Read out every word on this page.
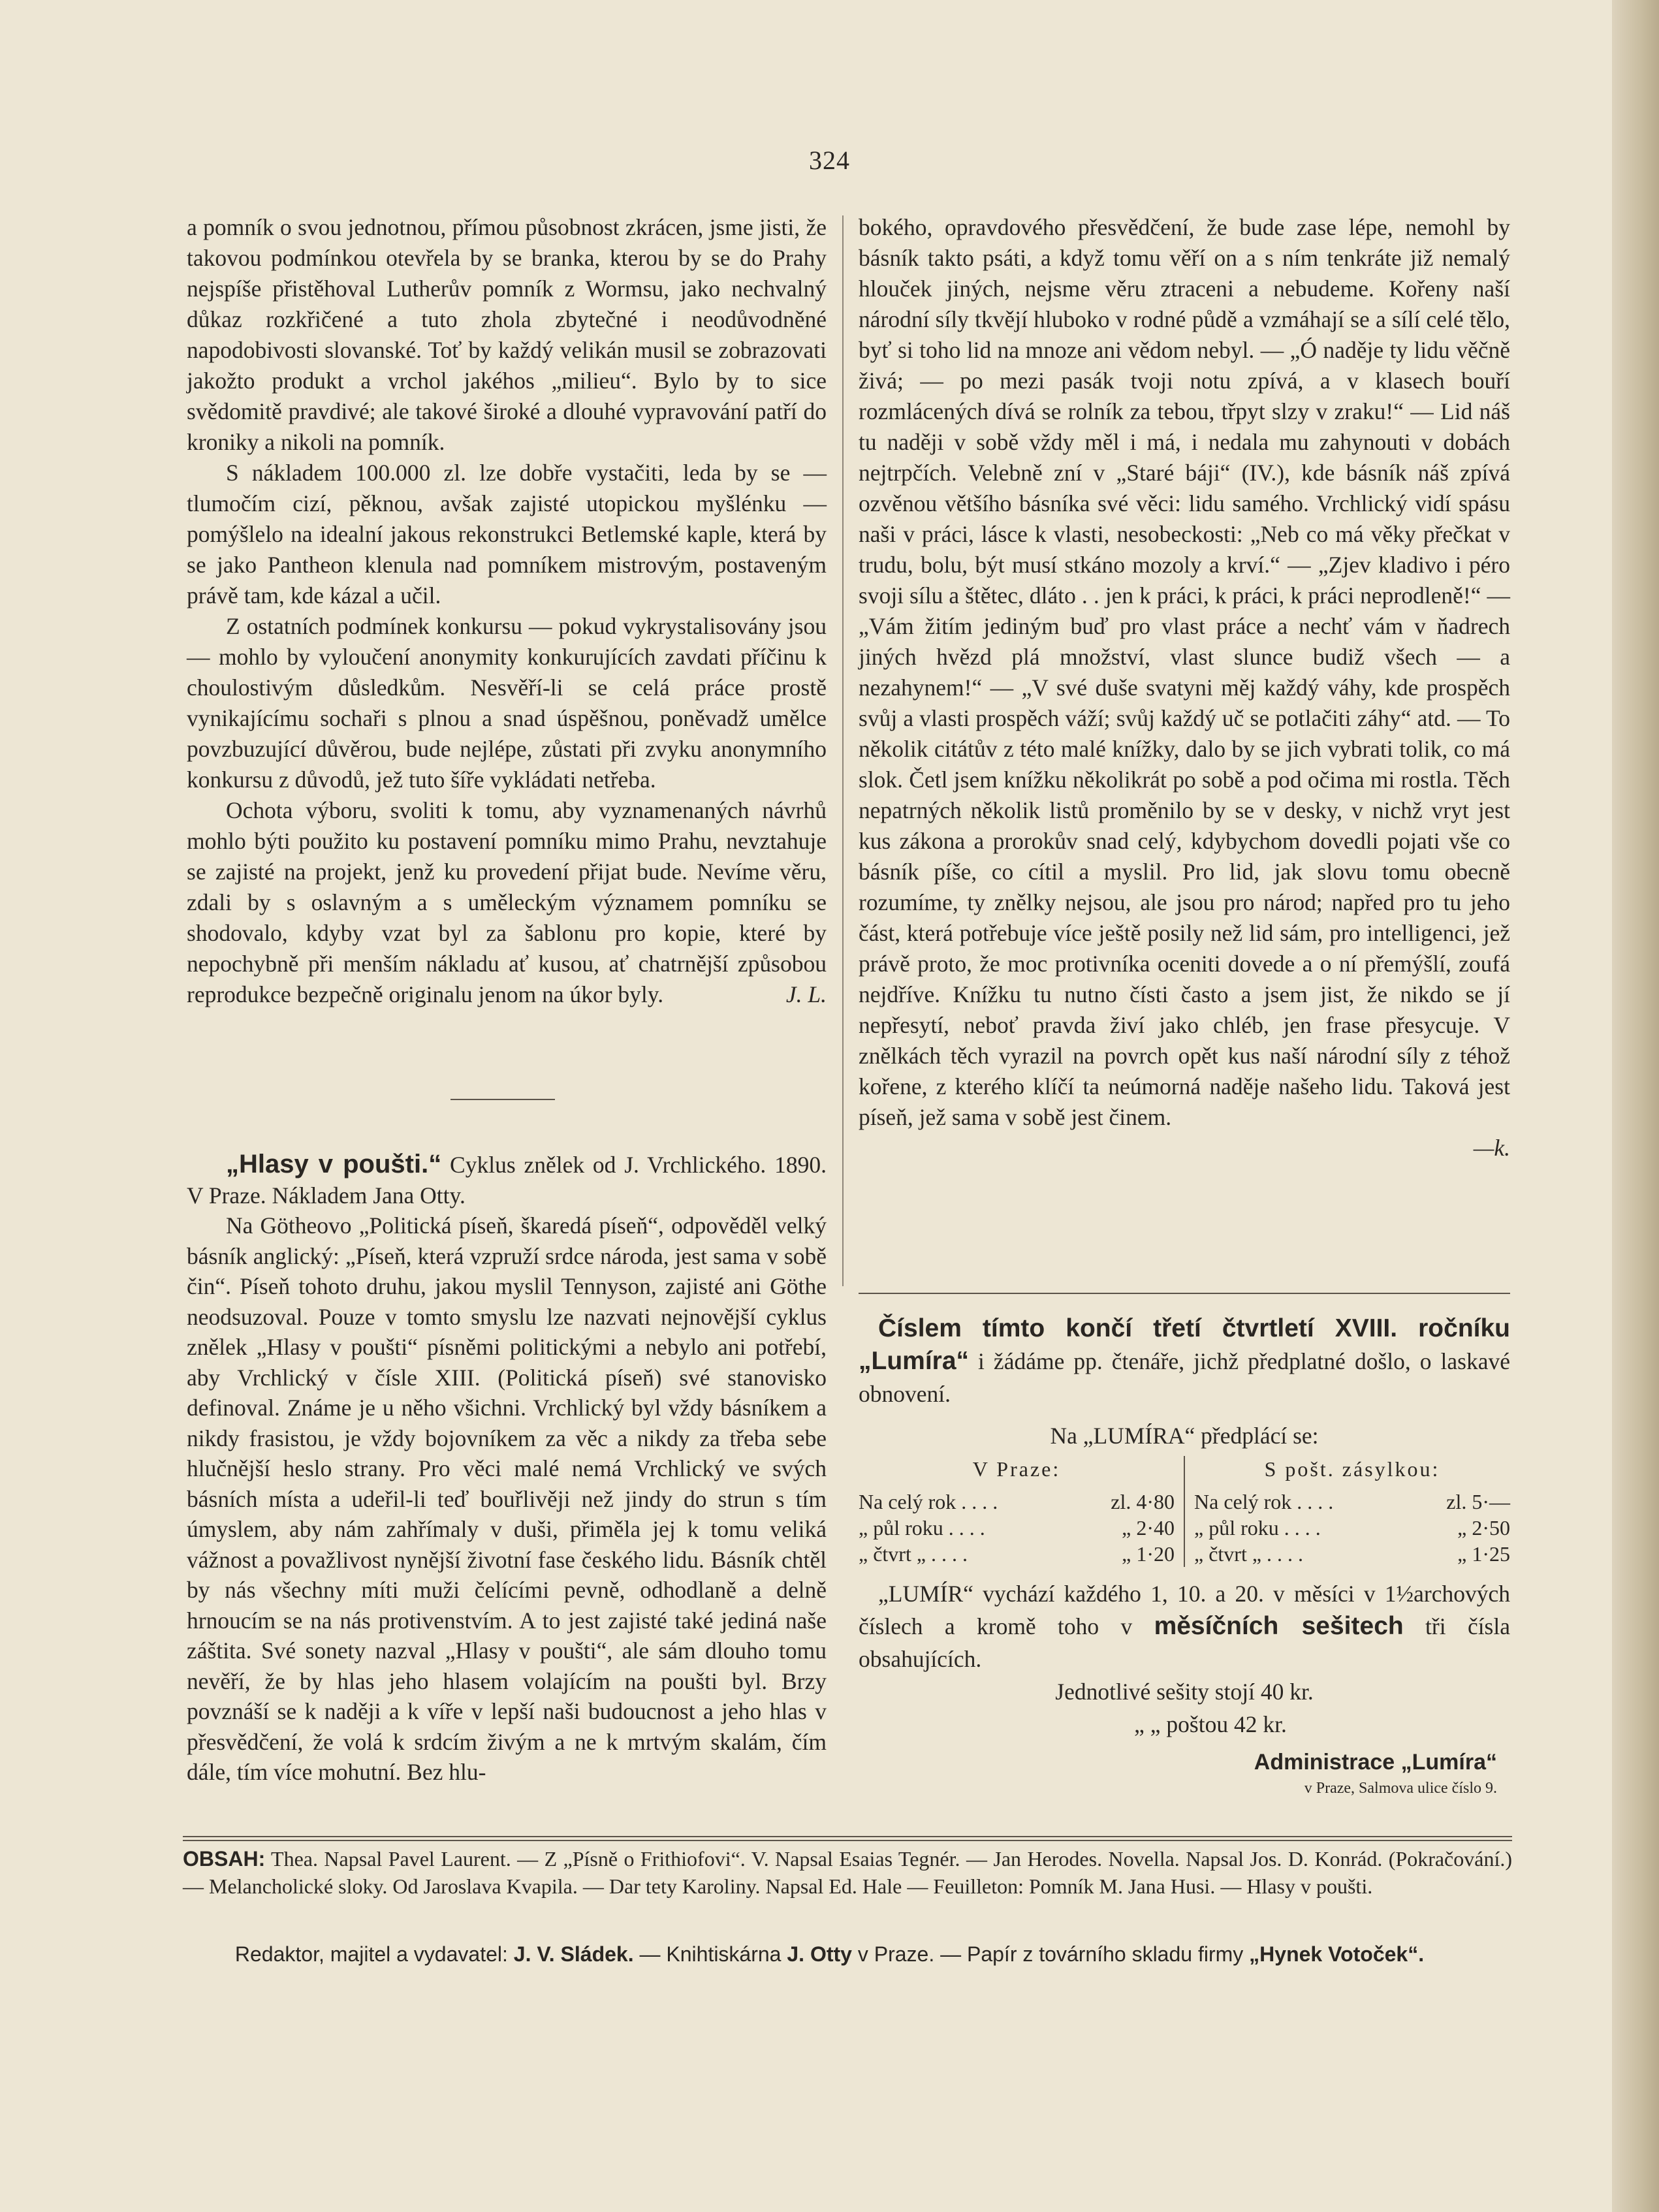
324

a pomník o svou jednotnou, přímou působnost zkrácen, jsme jisti, že takovou podmínkou otevřela by se branka, kterou by se do Prahy nejspíše přistěhoval Lutherův pomník z Wormsu, jako nechvalný důkaz rozkřičené a tuto zhola zbytečné i neodůvodněné napodobivosti slovanské. Toť by každý velikán musil se zobrazovati jakožto produkt a vrchol jakéhos „milieu“. Bylo by to sice svědomitě pravdivé; ale takové široké a dlouhé vypravování patří do kroniky a nikoli na pomník.

S nákladem 100.000 zl. lze dobře vystačiti, leda by se — tlumočím cizí, pěknou, avšak zajisté utopickou myšlénku — pomýšlelo na idealní jakous rekonstrukci Betlemské kaple, která by se jako Pantheon klenula nad pomníkem mistrovým, postaveným právě tam, kde kázal a učil.

Z ostatních podmínek konkursu — pokud vykrystalisovány jsou — mohlo by vyloučení anonymity konkurujících zavdati příčinu k choulostivým důsledkům. Nesvěří-li se celá práce prostě vynikajícímu sochaři s plnou a snad úspěšnou, poněvadž umělce povzbuzující důvěrou, bude nejlépe, zůstati při zvyku anonymního konkursu z důvodů, jež tuto šíře vykládati netřeba.

Ochota výboru, svoliti k tomu, aby vyznamenaných návrhů mohlo býti použito ku postavení pomníku mimo Prahu, nevztahuje se zajisté na projekt, jenž ku provedení přijat bude. Nevíme věru, zdali by s oslavným a s uměleckým významem pomníku se shodovalo, kdyby vzat byl za šablonu pro kopie, které by nepochybně při menším nákladu ať kusou, ať chatrnější způsobou reprodukce bezpečně originalu jenom na úkor byly.	J. L.

„Hlasy v poušti.“ Cyklus znělek od J. Vrchlického. 1890. V Praze. Nákladem Jana Otty.

Na Götheovo „Politická píseň, škaredá píseň“, odpověděl velký básník anglický: „Píseň, která vzpruží srdce národa, jest sama v sobě čin“. Píseň tohoto druhu, jakou myslil Tennyson, zajisté ani Göthe neodsuzoval. Pouze v tomto smyslu lze nazvati nejnovější cyklus znělek „Hlasy v poušti“ písněmi politickými a nebylo ani potřebí, aby Vrchlický v čísle XIII. (Politická píseň) své stanovisko definoval. Známe je u něho všichni. Vrchlický byl vždy básníkem a nikdy frasistou, je vždy bojovníkem za věc a nikdy za třeba sebe hlučnější heslo strany. Pro věci malé nemá Vrchlický ve svých básních místa a udeřil-li teď bouřlivěji než jindy do strun s tím úmyslem, aby nám zahřímaly v duši, přiměla jej k tomu veliká vážnost a považlivost nynější životní fase českého lidu. Básník chtěl by nás všechny míti muži čelícími pevně, odhodlaně a delně hrnoucím se na nás protivenstvím. A to jest zajisté také jediná naše záštita. Své sonety nazval „Hlasy v poušti“, ale sám dlouho tomu nevěří, že by hlas jeho hlasem volajícím na poušti byl. Brzy povznáší se k naději a k víře v lepší naši budoucnost a jeho hlas v přesvědčení, že volá k srdcím živým a ne k mrtvým skalám, čím dále, tím více mohutní. Bez hlu-

bokého, opravdového přesvědčení, že bude zase lépe, nemohl by básník takto psáti, a když tomu věří on a s ním tenkráte již nemalý hlouček jiných, nejsme věru ztraceni a nebudeme. Kořeny naší národní síly tkvějí hluboko v rodné půdě a vzmáhají se a sílí celé tělo, byť si toho lid na mnoze ani vědom nebyl. — „Ó naděje ty lidu věčně živá; — po mezi pasák tvoji notu zpívá, a v klasech bouří rozmlácených dívá se rolník za tebou, třpyt slzy v zraku!“ — Lid náš tu naději v sobě vždy měl i má, i nedala mu zahynouti v dobách nejtrpčích. Velebně zní v „Staré báji“ (IV.), kde básník náš zpívá ozvěnou většího básníka své věci: lidu samého. Vrchlický vidí spásu naši v práci, lásce k vlasti, nesobeckosti: „Neb co má věky přečkat v trudu, bolu, být musí stkáno mozoly a krví.“ — „Zjev kladivo i péro svoji sílu a štětec, dláto . . jen k práci, k práci, k práci neprodleně!“ — „Vám žitím jediným buď pro vlast práce a nechť vám v ňadrech jiných hvězd plá množství, vlast slunce budiž všech — a nezahynem!“ — „V své duše svatyni měj každý váhy, kde prospěch svůj a vlasti prospěch váží; svůj každý uč se potlačiti záhy“ atd. — To několik citátův z této malé knížky, dalo by se jich vybrati tolik, co má slok. Četl jsem knížku několikrát po sobě a pod očima mi rostla. Těch nepatrných několik listů proměnilo by se v desky, v nichž vryt jest kus zákona a prorokův snad celý, kdybychom dovedli pojati vše co básník píše, co cítil a myslil. Pro lid, jak slovu tomu obecně rozumíme, ty znělky nejsou, ale jsou pro národ; napřed pro tu jeho část, která potřebuje více ještě posily než lid sám, pro intelligenci, jež právě proto, že moc protivníka oceniti dovede a o ní přemýšlí, zoufá nejdříve. Knížku tu nutno čísti často a jsem jist, že nikdo se jí nepřesytí, neboť pravda živí jako chléb, jen frase přesycuje. V znělkách těch vyrazil na povrch opět kus naší národní síly z téhož kořene, z kterého klíčí ta neúmorná naděje našeho lidu. Taková jest píseň, jež sama v sobě jest činem.

—k.

Číslem tímto končí třetí čtvrtletí XVIII. ročníku „Lumíra“ i žádáme pp. čtenáře, jichž předplatné došlo, o laskavé obnovení.

Na „LUMÍRA“ předplácí se:

V Praze:
Na celý rok . . . .	zl. 4·80
„ půl roku . . . .	„ 2·40
„ čtvrt „ . . . .	„ 1·20
S pošt. zásylkou:
Na celý rok . . . .	zl. 5·—
„ půl roku . . . .	„ 2·50
„ čtvrt „ . . . .	„ 1·25

„LUMÍR“ vychází každého 1, 10. a 20. v měsíci v 1½archových číslech a kromě toho v měsíčních sešitech tři čísla obsahujících.

Jednotlivé sešity stojí 40 kr.

„ „ poštou 42 kr.

Administrace „Lumíra“

v Praze, Salmova ulice číslo 9.

OBSAH: Thea. Napsal Pavel Laurent. — Z „Písně o Frithiofovi“. V. Napsal Esaias Tegnér. — Jan Herodes. Novella. Napsal Jos. D. Konrád. (Pokračování.) — Melancholické sloky. Od Jaroslava Kvapila. — Dar tety Karoliny. Napsal Ed. Hale — Feuilleton: Pomník M. Jana Husi. — Hlasy v poušti.
Redaktor, majitel a vydavatel: J. V. Sládek. — Knihtiskárna J. Otty v Praze. — Papír z továrního skladu firmy „Hynek Votoček“.
